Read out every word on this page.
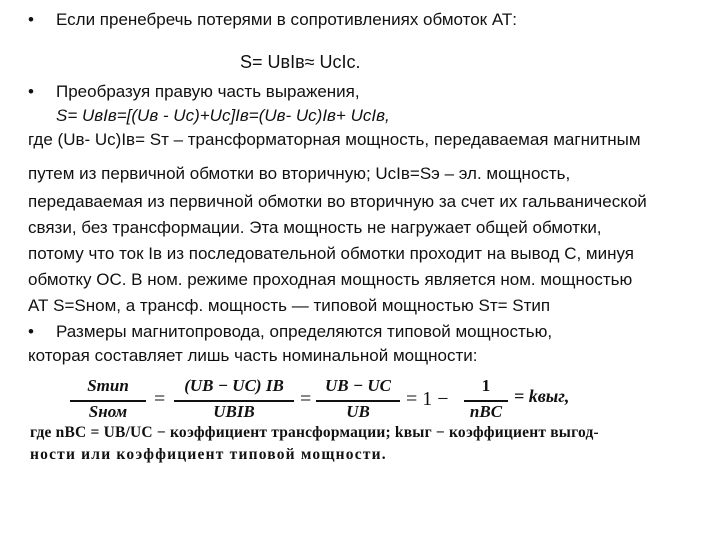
• Если пренебречь потерями в сопротивлениях обмоток АТ:
S= UвIв≈ UcIc.
• Преобразуя правую часть выражения,
S= UвIв=[(Uв - Uс)+Uc]Iв=(Uв- Uс)Iв+ UсIв,
где (Uв- Uс)Iв= Sт – трансформаторная мощность, передаваемая магнитным
путем из первичной обмотки во вторичную; UсIв=Sэ – эл. мощность,
передаваемая из первичной обмотки во вторичную за счет их гальванической
связи, без трансформации. Эта мощность не нагружает общей обмотки,
потому что ток Iв из последовательной обмотки проходит на вывод С, минуя
обмотку ОС. В ном. режиме проходная мощность является ном. мощностью
АТ S=Sном, а трансф. мощность — типовой мощностью Sт= Sтип
• Размеры магнитопровода, определяются типовой мощностью,
которая составляет лишь часть номинальной мощности:
Sтип
Sном
=
(UB − UC) IB
UBIB
=
UB − UC
UB
= 1 −
1
nBC
= kвыг,
где nBC = UB/UC − коэффициент трансформации; kвыг − коэффициент выгод-
ности или коэффициент типовой мощности.
